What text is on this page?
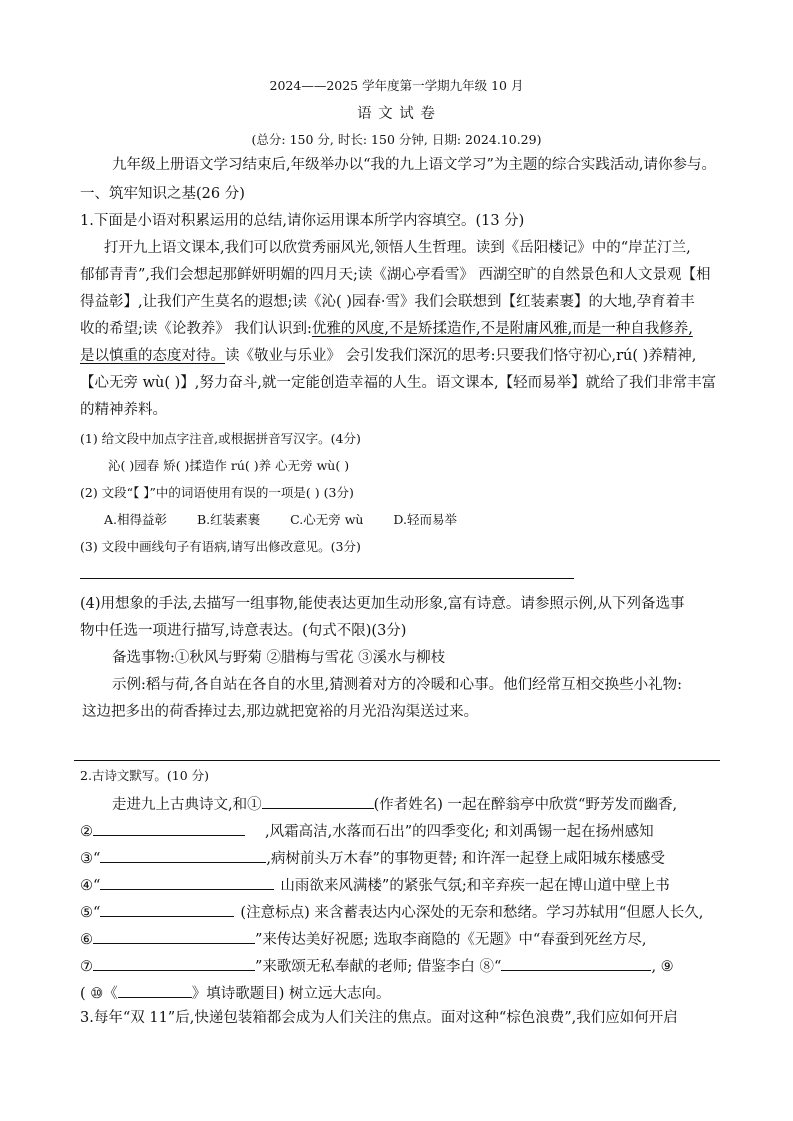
2024——2025 学年度第一学期九年级 10 月
语 文 试 卷
(总分: 150 分, 时长: 150 分钟, 日期: 2024.10.29)
九年级上册语文学习结束后,年级举办以“我的九上语文学习”为主题的综合实践活动,请你参与。
一、筑牢知识之基(26 分)
1.下面是小语对积累运用的总结,请你运用课本所学内容填空。(13 分)
打开九上语文课本,我们可以欣赏秀丽风光,领悟人生哲理。读到《岳阳楼记》中的“岸芷汀兰,
郁郁青青”,我们会想起那鲜妍明媚的四月天;读《湖心亭看雪》 西湖空旷的自然景色和人文景观【相
得益彰】,让我们产生莫名的遐想;读《沁( )园春·雪》我们会联想到【红装素裹】的大地,孕育着丰
收的希望;读《论教养》 我们认识到:优雅的风度,不是矫揉造作,不是附庸风雅,而是一种自我修养,
是以慎重的态度对待。读《敬业与乐业》 会引发我们深沉的思考:只要我们恪守初心,rú( )养精神,
【心无旁 wù( )】,努力奋斗,就一定能创造幸福的人生。语文课本,【轻而易举】就给了我们非常丰富
的精神养料。
(1) 给文段中加点字注音,或根据拼音写汉字。(4分)
沁( )园春 矫( )揉造作 rú( )养 心无旁 wù( )
(2) 文段“【 】”中的词语使用有误的一项是( ) (3分)
A.相得益彰 B.红装素裹 C.心无旁 wù D.轻而易举
(3) 文段中画线句子有语病,请写出修改意见。(3分)
(4)用想象的手法,去描写一组事物,能使表达更加生动形象,富有诗意。请参照示例,从下列备选事
物中任选一项进行描写,诗意表达。(句式不限)(3分)
备选事物:①秋风与野菊 ②腊梅与雪花 ③溪水与柳枝
示例:稻与荷,各自站在各自的水里,猜测着对方的冷暖和心事。他们经常互相交换些小礼物:
这边把多出的荷香捧过去,那边就把宽裕的月光沿沟渠送过来。
2.古诗文默写。(10 分)
走进九上古典诗文,和①	(作者姓名) 一起在醉翁亭中欣赏“野芳发而幽香,
②	,风霜高洁,水落而石出”的四季变化; 和刘禹锡一起在扬州感知
③“	,病树前头万木春”的事物更替; 和许浑一起登上咸阳城东楼感受
④“	山雨欲来风满楼”的紧张气氛;和辛弃疾一起在博山道中壁上书
⑤“	(注意标点) 来含蓄表达内心深处的无奈和愁绪。学习苏轼用“但愿人长久,
⑥	”来传达美好祝愿; 选取李商隐的《无题》中“春蚕到死丝方尽,
⑦	”来歌颂无私奉献的老师; 借鉴李白 ⑧“	, ⑨
( ⑩《	》填诗歌题目) 树立远大志向。
3.每年“双 11”后,快递包装箱都会成为人们关注的焦点。面对这种“棕色浪费”,我们应如何开启
